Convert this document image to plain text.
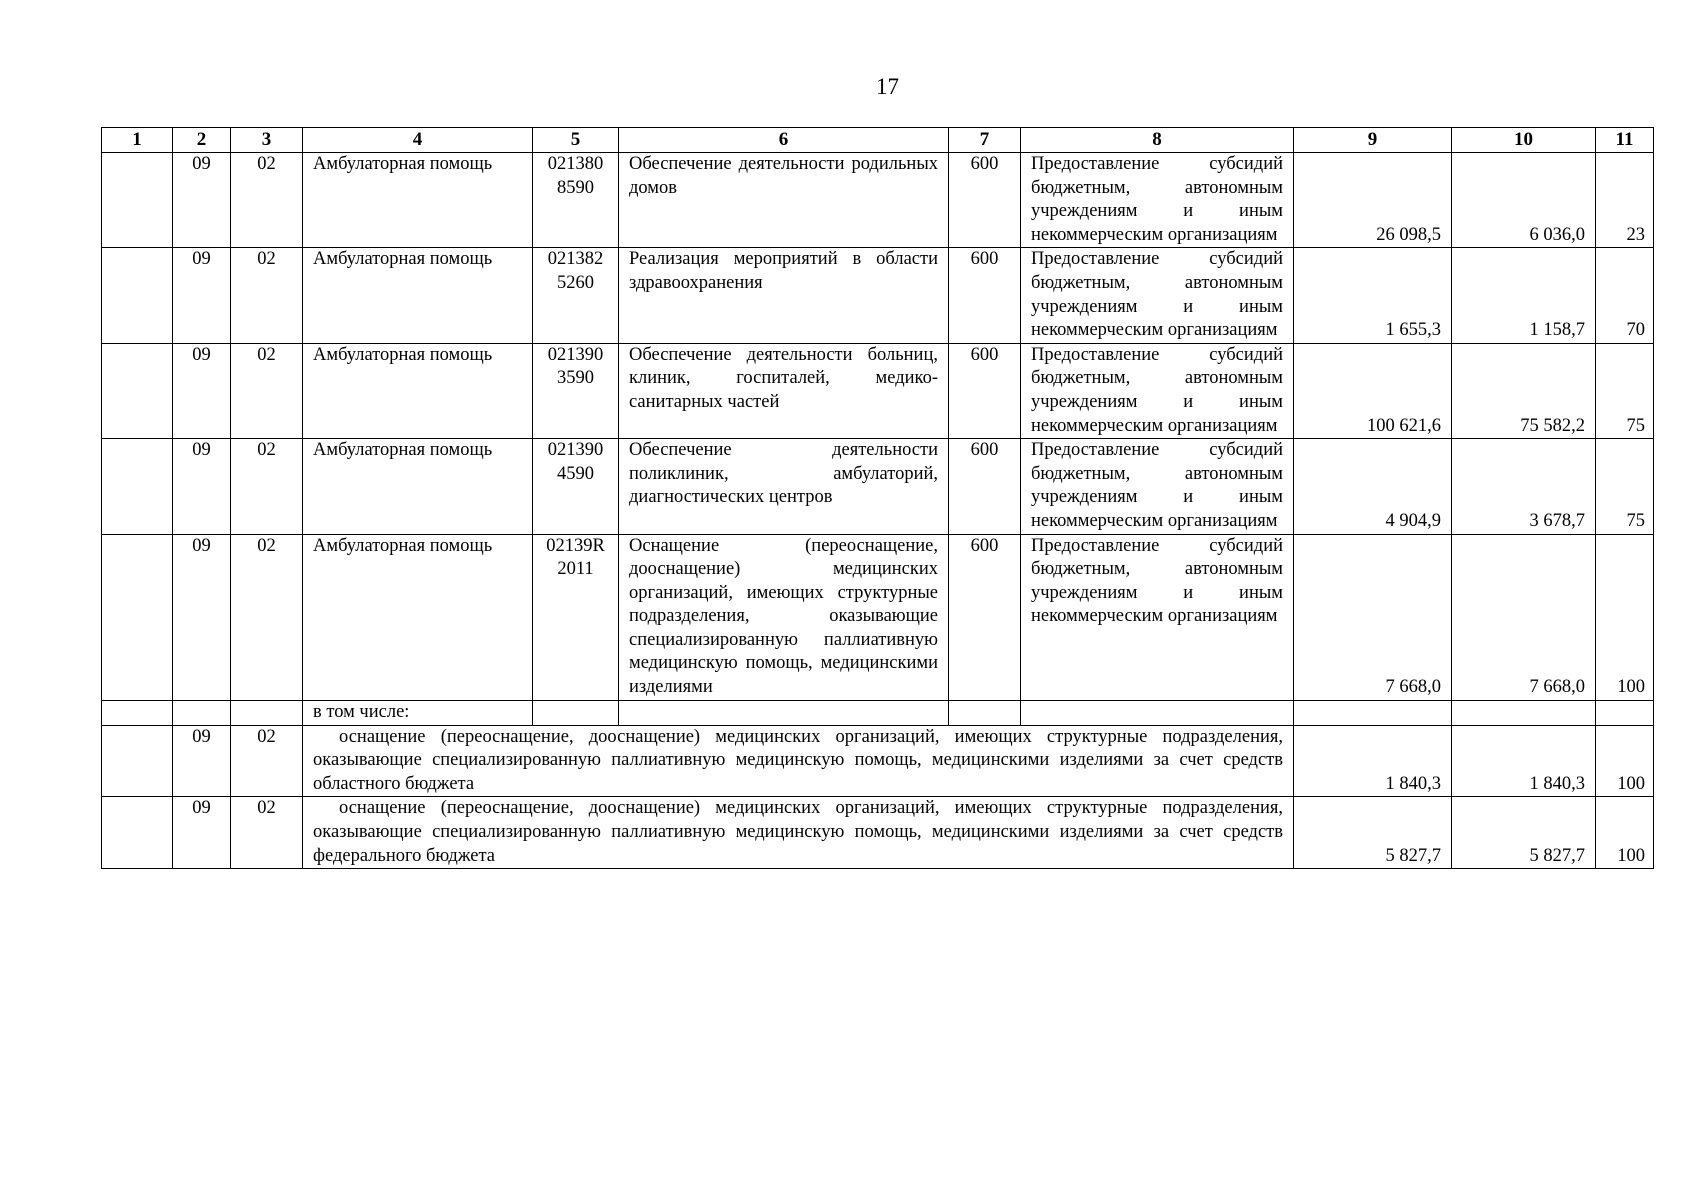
17
1	2	3	4	5	6	7	8	9	10	11
	09	02	Амбулаторная помощь	021380 8590	Обеспечение деятельности родильных домов	600	Предоставление субсидий бюджетным, автономным учреждениям и иным некоммерческим организациям	26 098,5	6 036,0	23
	09	02	Амбулаторная помощь	021382 5260	Реализация мероприятий в области здравоохранения	600	Предоставление субсидий бюджетным, автономным учреждениям и иным некоммерческим организациям	1 655,3	1 158,7	70
	09	02	Амбулаторная помощь	021390 3590	Обеспечение деятельности больниц, клиник, госпиталей, медико-санитарных частей	600	Предоставление субсидий бюджетным, автономным учреждениям и иным некоммерческим организациям	100 621,6	75 582,2	75
	09	02	Амбулаторная помощь	021390 4590	Обеспечение деятельности поликлиник, амбулаторий, диагностических центров	600	Предоставление субсидий бюджетным, автономным учреждениям и иным некоммерческим организациям	4 904,9	3 678,7	75
	09	02	Амбулаторная помощь	02139R 2011	Оснащение (переоснащение, дооснащение) медицинских организаций, имеющих структурные подразделения, оказывающие специализированную паллиативную медицинскую помощь, медицинскими изделиями	600	Предоставление субсидий бюджетным, автономным учреждениям и иным некоммерческим организациям	7 668,0	7 668,0	100
			в том числе:							
	09	02	оснащение (переоснащение, дооснащение) медицинских организаций, имеющих структурные подразделения, оказывающие специализированную паллиативную медицинскую помощь, медицинскими изделиями за счет средств областного бюджета					1 840,3	1 840,3	100
	09	02	оснащение (переоснащение, дооснащение) медицинских организаций, имеющих структурные подразделения, оказывающие специализированную паллиативную медицинскую помощь, медицинскими изделиями за счет средств федерального бюджета					5 827,7	5 827,7	100
